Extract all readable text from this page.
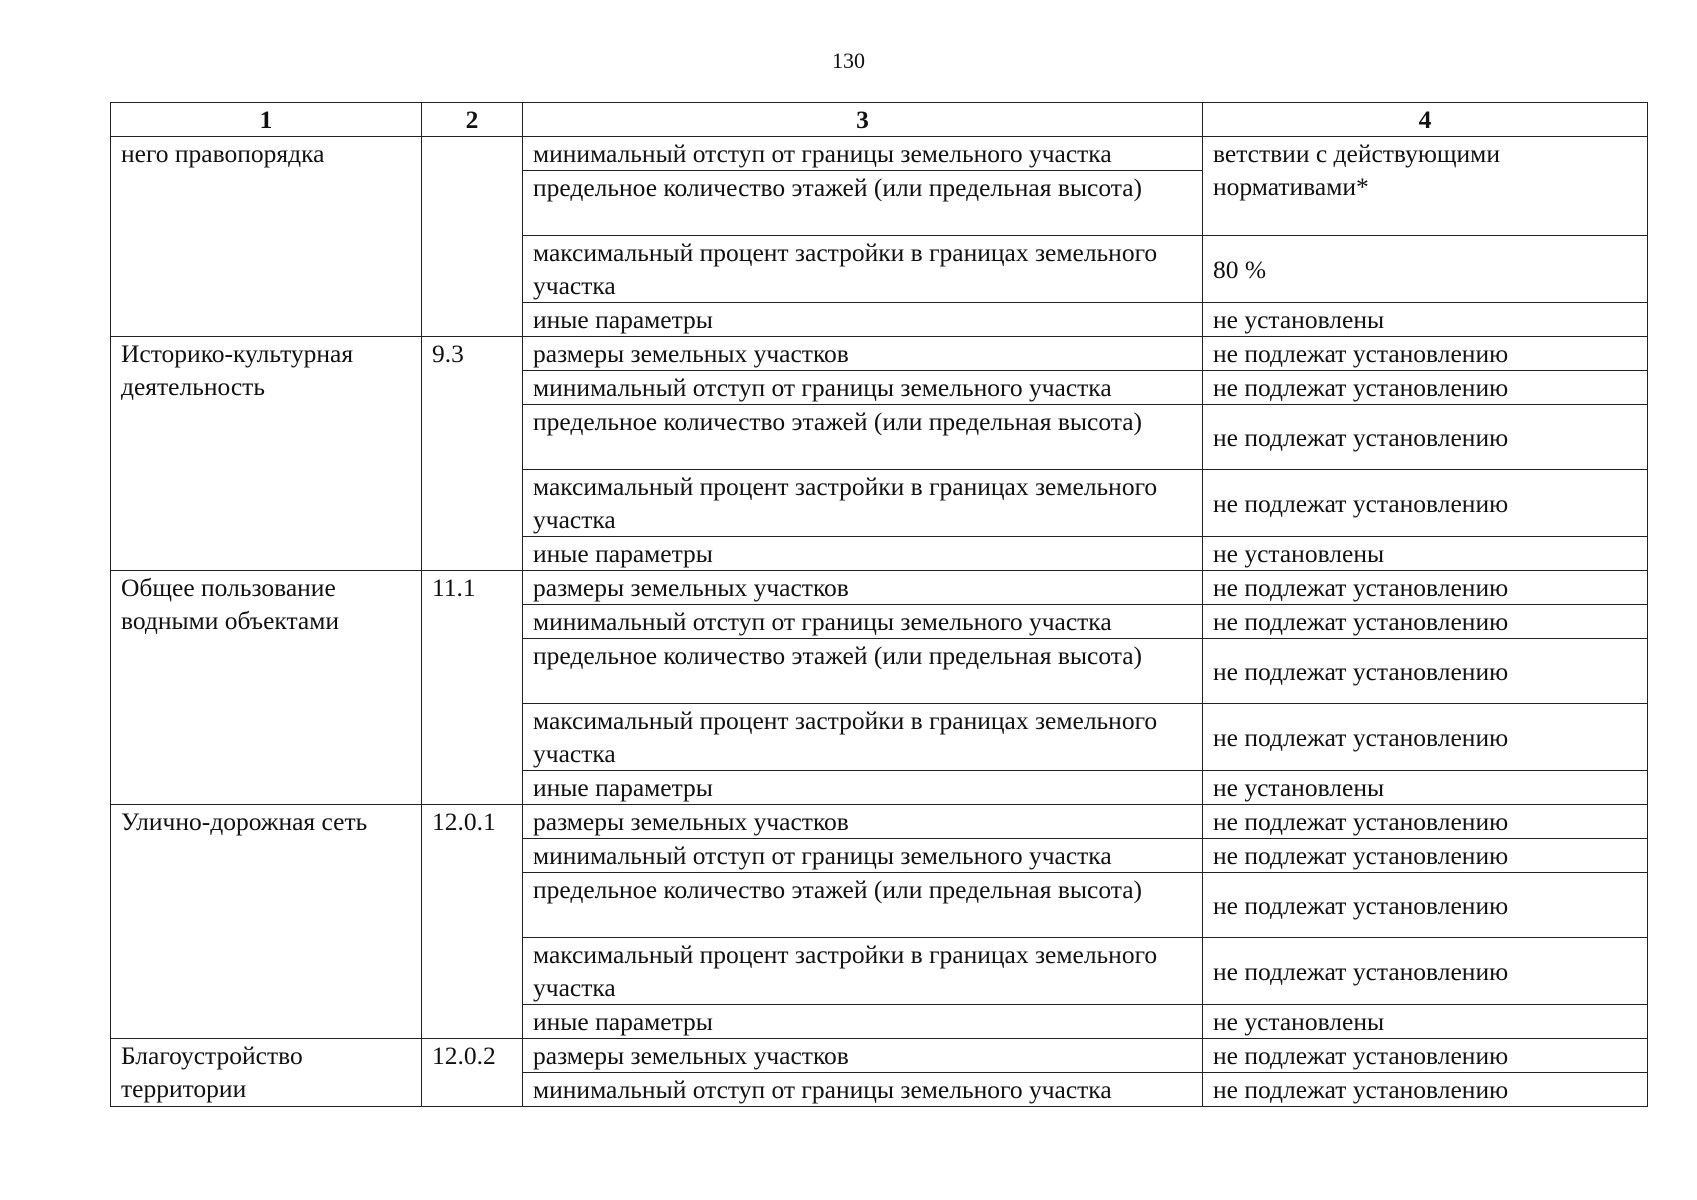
130
1	2	3	4
него правопорядка		минимальный отступ от границы земельного участка	ветствии с действующими нормативами*
		предельное количество этажей (или предельная высота)	
		максимальный процент застройки в границах земельного участка	80 %
		иные параметры	не установлены
Историко-культурная деятельность	9.3	размеры земельных участков	не подлежат установлению
		минимальный отступ от границы земельного участка	не подлежат установлению
		предельное количество этажей (или предельная высота)	не подлежат установлению
		максимальный процент застройки в границах земельного участка	не подлежат установлению
		иные параметры	не установлены
Общее пользование водными объектами	11.1	размеры земельных участков	не подлежат установлению
		минимальный отступ от границы земельного участка	не подлежат установлению
		предельное количество этажей (или предельная высота)	не подлежат установлению
		максимальный процент застройки в границах земельного участка	не подлежат установлению
		иные параметры	не установлены
Улично-дорожная сеть	12.0.1	размеры земельных участков	не подлежат установлению
		минимальный отступ от границы земельного участка	не подлежат установлению
		предельное количество этажей (или предельная высота)	не подлежат установлению
		максимальный процент застройки в границах земельного участка	не подлежат установлению
		иные параметры	не установлены
Благоустройство территории	12.0.2	размеры земельных участков	не подлежат установлению
		минимальный отступ от границы земельного участка	не подлежат установлению
